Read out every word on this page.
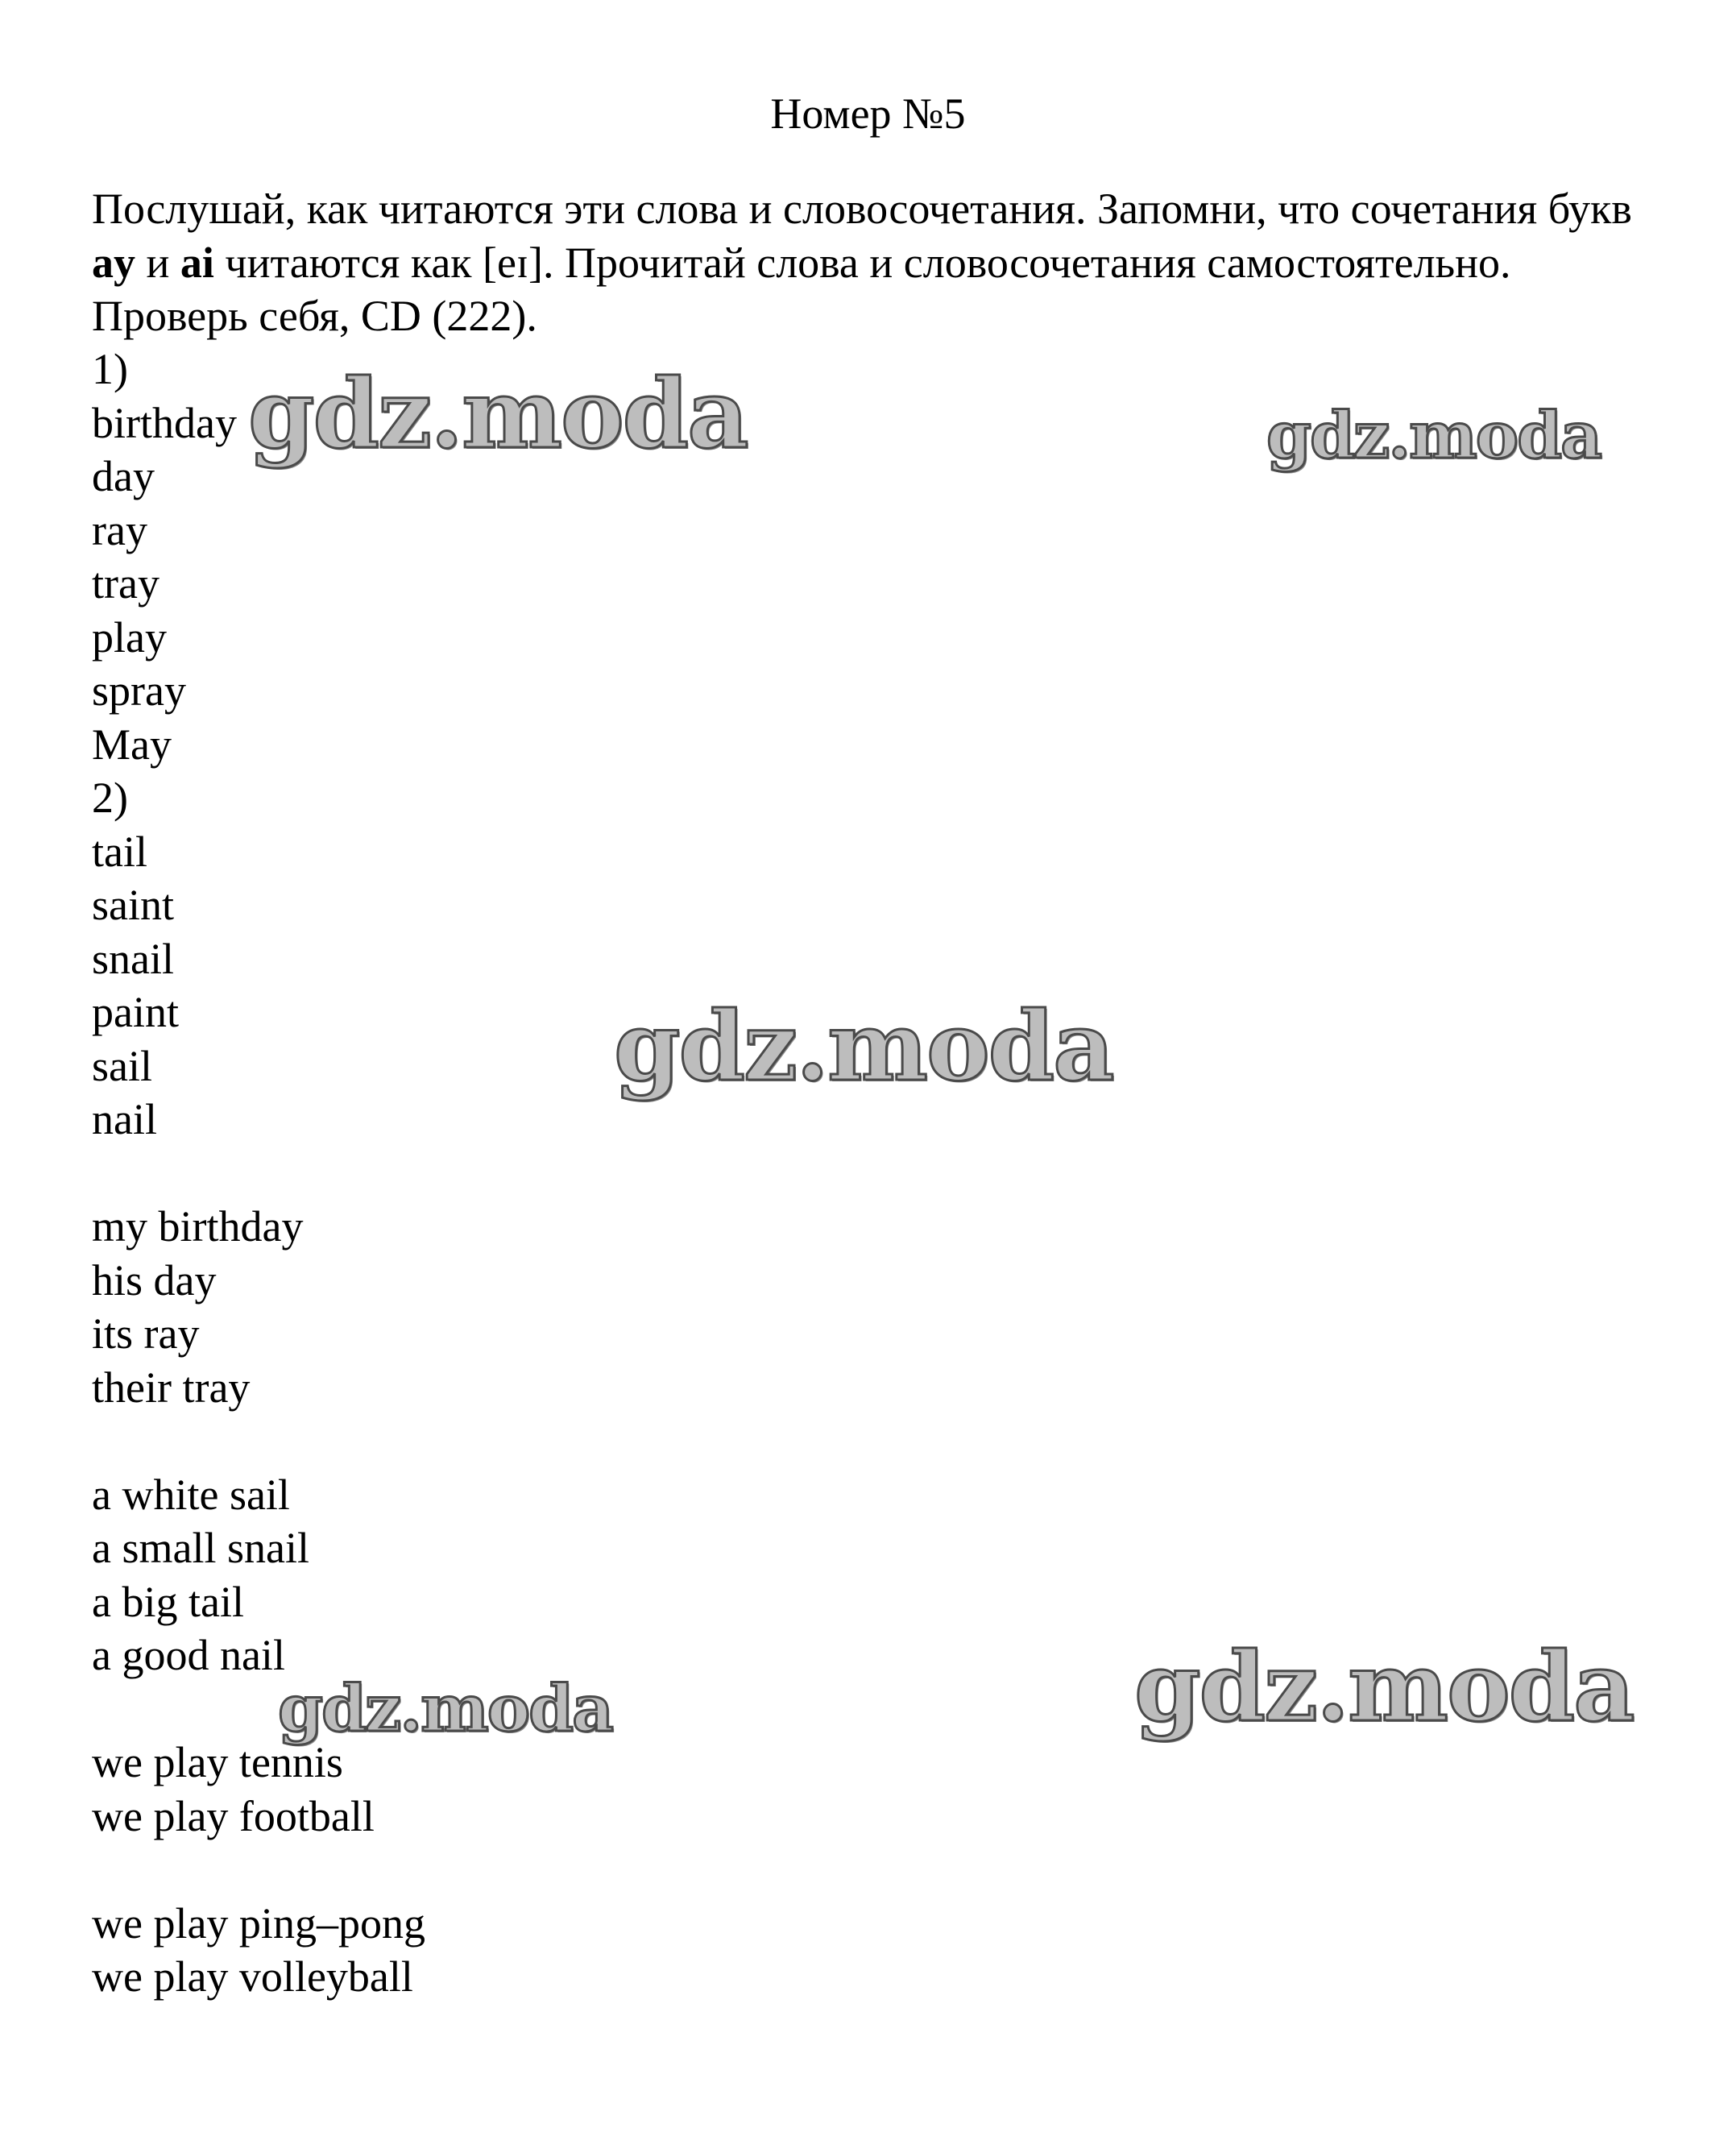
Номер №5
Послушай, как читаются эти слова и словосочетания. Запомни, что сочетания букв ay и ai читаются как [eɪ]. Прочитай слова и словосочетания самостоятельно. Проверь себя, CD (222).
1)
birthday
day
ray
tray
play
spray
May
2)
tail
saint
snail
paint
sail
nail
my birthday
his day
its ray
their tray
a white sail
a small snail
a big tail
a good nail
we play tennis
we play football
we play ping–pong
we play volleyball
gdz.moda	gdz.moda
gdz.moda
gdz.moda	gdz.moda
